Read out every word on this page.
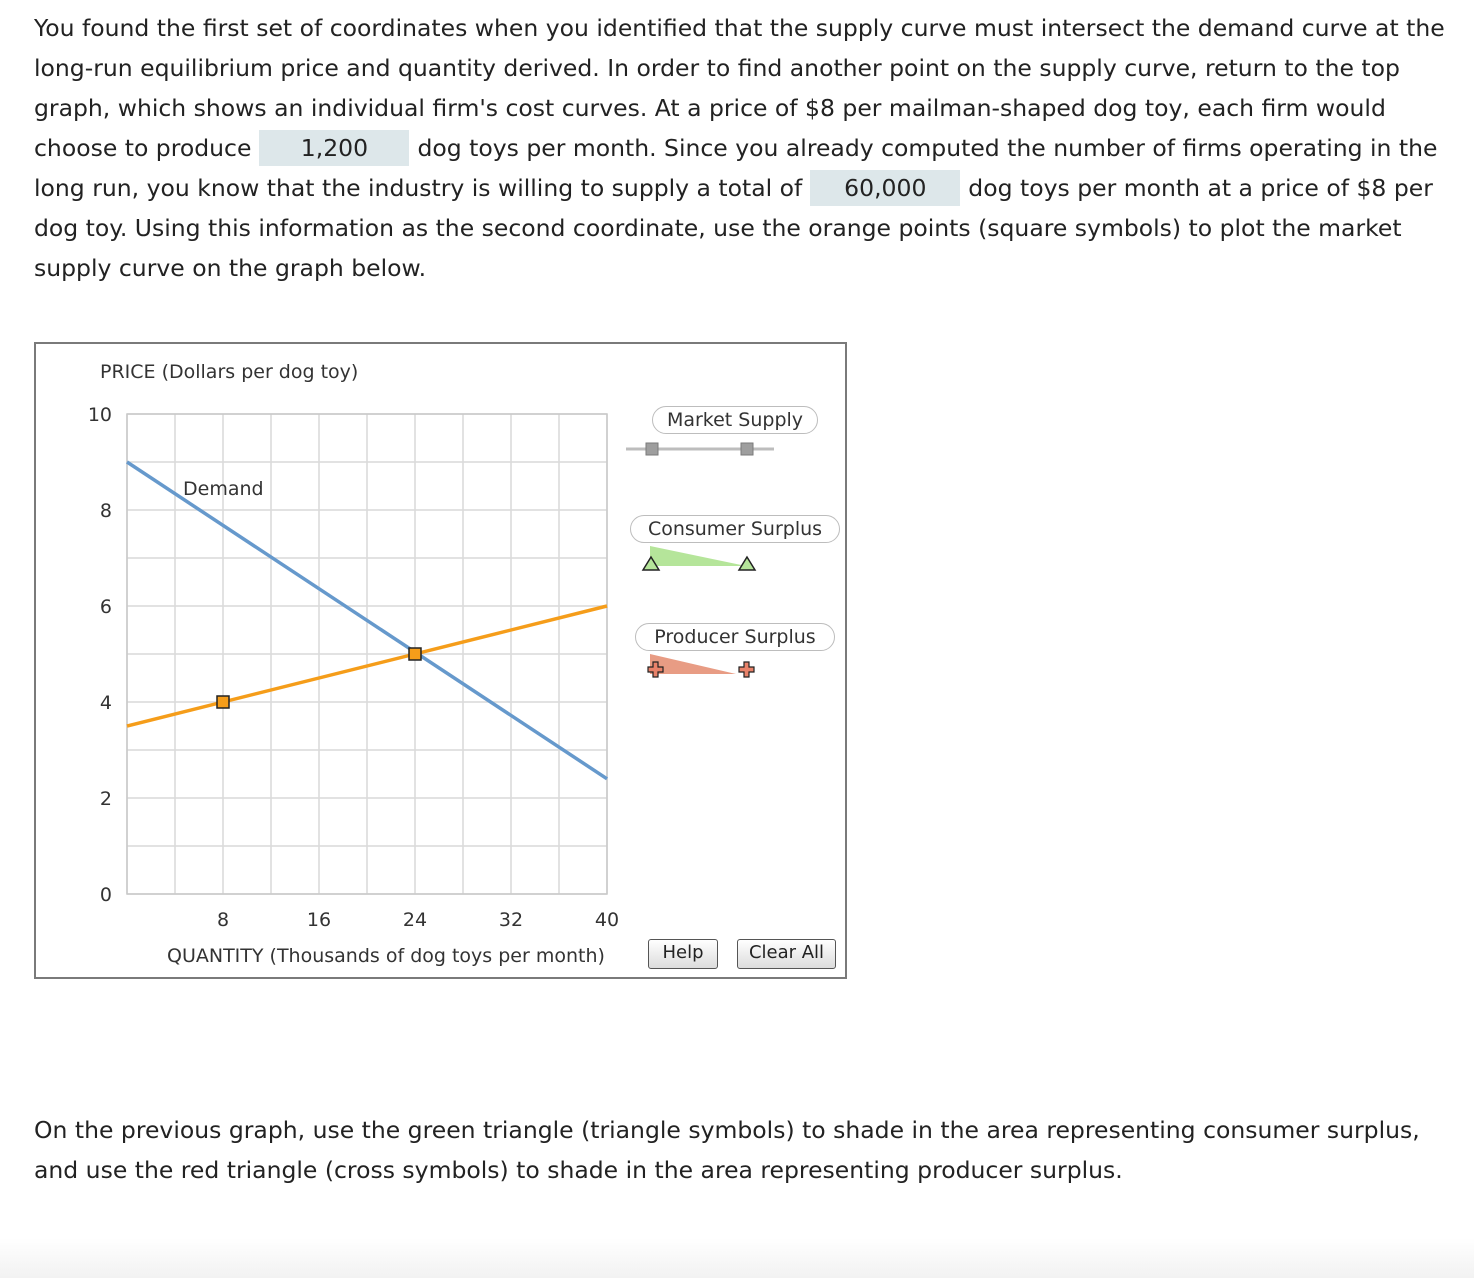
You found the first set of coordinates when you identified that the supply curve must intersect the demand curve at the long-run equilibrium price and quantity derived. In order to find another point on the supply curve, return to the top graph, which shows an individual firm's cost curves. At a price of $8 per mailman-shaped dog toy, each firm would choose to produce 1,200 dog toys per month. Since you already computed the number of firms operating in the long run, you know that the industry is willing to supply a total of 60,000 dog toys per month at a price of $8 per dog toy. Using this information as the second coordinate, use the orange points (square symbols) to plot the market supply curve on the graph below.

PRICE (Dollars per dog toy)
QUANTITY (Thousands of dog toys per month)
0
2
4
6
8
10
8	16	24	32	40
Demand
Market Supply
Consumer Surplus
Producer Surplus
Help	Clear All

On the previous graph, use the green triangle (triangle symbols) to shade in the area representing consumer surplus, and use the red triangle (cross symbols) to shade in the area representing producer surplus.
